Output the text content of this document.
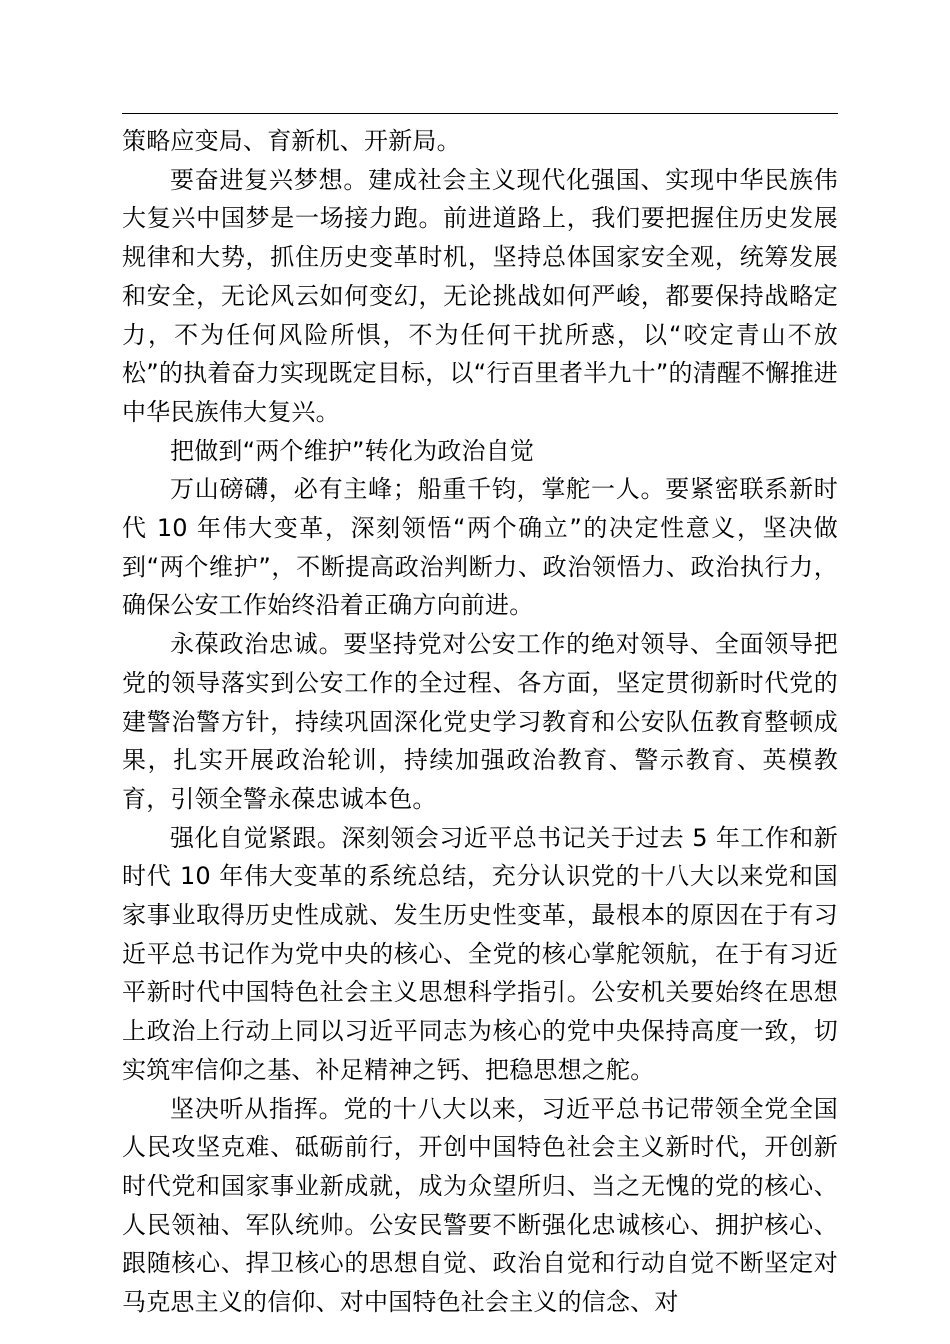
策略应变局、育新机、开新局。

要奋进复兴梦想。建成社会主义现代化强国、实现中华民族伟大复兴中国梦是一场接力跑。前进道路上，我们要把握住历史发展规律和大势，抓住历史变革时机，坚持总体国家安全观，统筹发展和安全，无论风云如何变幻，无论挑战如何严峻，都要保持战略定力，不为任何风险所惧，不为任何干扰所惑，以“咬定青山不放松”的执着奋力实现既定目标，以“行百里者半九十”的清醒不懈推进中华民族伟大复兴。

把做到“两个维护”转化为政治自觉

万山磅礴，必有主峰；船重千钧，掌舵一人。要紧密联系新时代 10 年伟大变革，深刻领悟“两个确立”的决定性意义，坚决做到“两个维护”，不断提高政治判断力、政治领悟力、政治执行力，确保公安工作始终沿着正确方向前进。

永葆政治忠诚。要坚持党对公安工作的绝对领导、全面领导把党的领导落实到公安工作的全过程、各方面，坚定贯彻新时代党的建警治警方针，持续巩固深化党史学习教育和公安队伍教育整顿成果，扎实开展政治轮训，持续加强政治教育、警示教育、英模教育，引领全警永葆忠诚本色。

强化自觉紧跟。深刻领会习近平总书记关于过去 5 年工作和新时代 10 年伟大变革的系统总结，充分认识党的十八大以来党和国家事业取得历史性成就、发生历史性变革，最根本的原因在于有习近平总书记作为党中央的核心、全党的核心掌舵领航，在于有习近平新时代中国特色社会主义思想科学指引。公安机关要始终在思想上政治上行动上同以习近平同志为核心的党中央保持高度一致，切实筑牢信仰之基、补足精神之钙、把稳思想之舵。

坚决听从指挥。党的十八大以来，习近平总书记带领全党全国人民攻坚克难、砥砺前行，开创中国特色社会主义新时代，开创新时代党和国家事业新成就，成为众望所归、当之无愧的党的核心、人民领袖、军队统帅。公安民警要不断强化忠诚核心、拥护核心、跟随核心、捍卫核心的思想自觉、政治自觉和行动自觉不断坚定对马克思主义的信仰、对中国特色社会主义的信念、对
